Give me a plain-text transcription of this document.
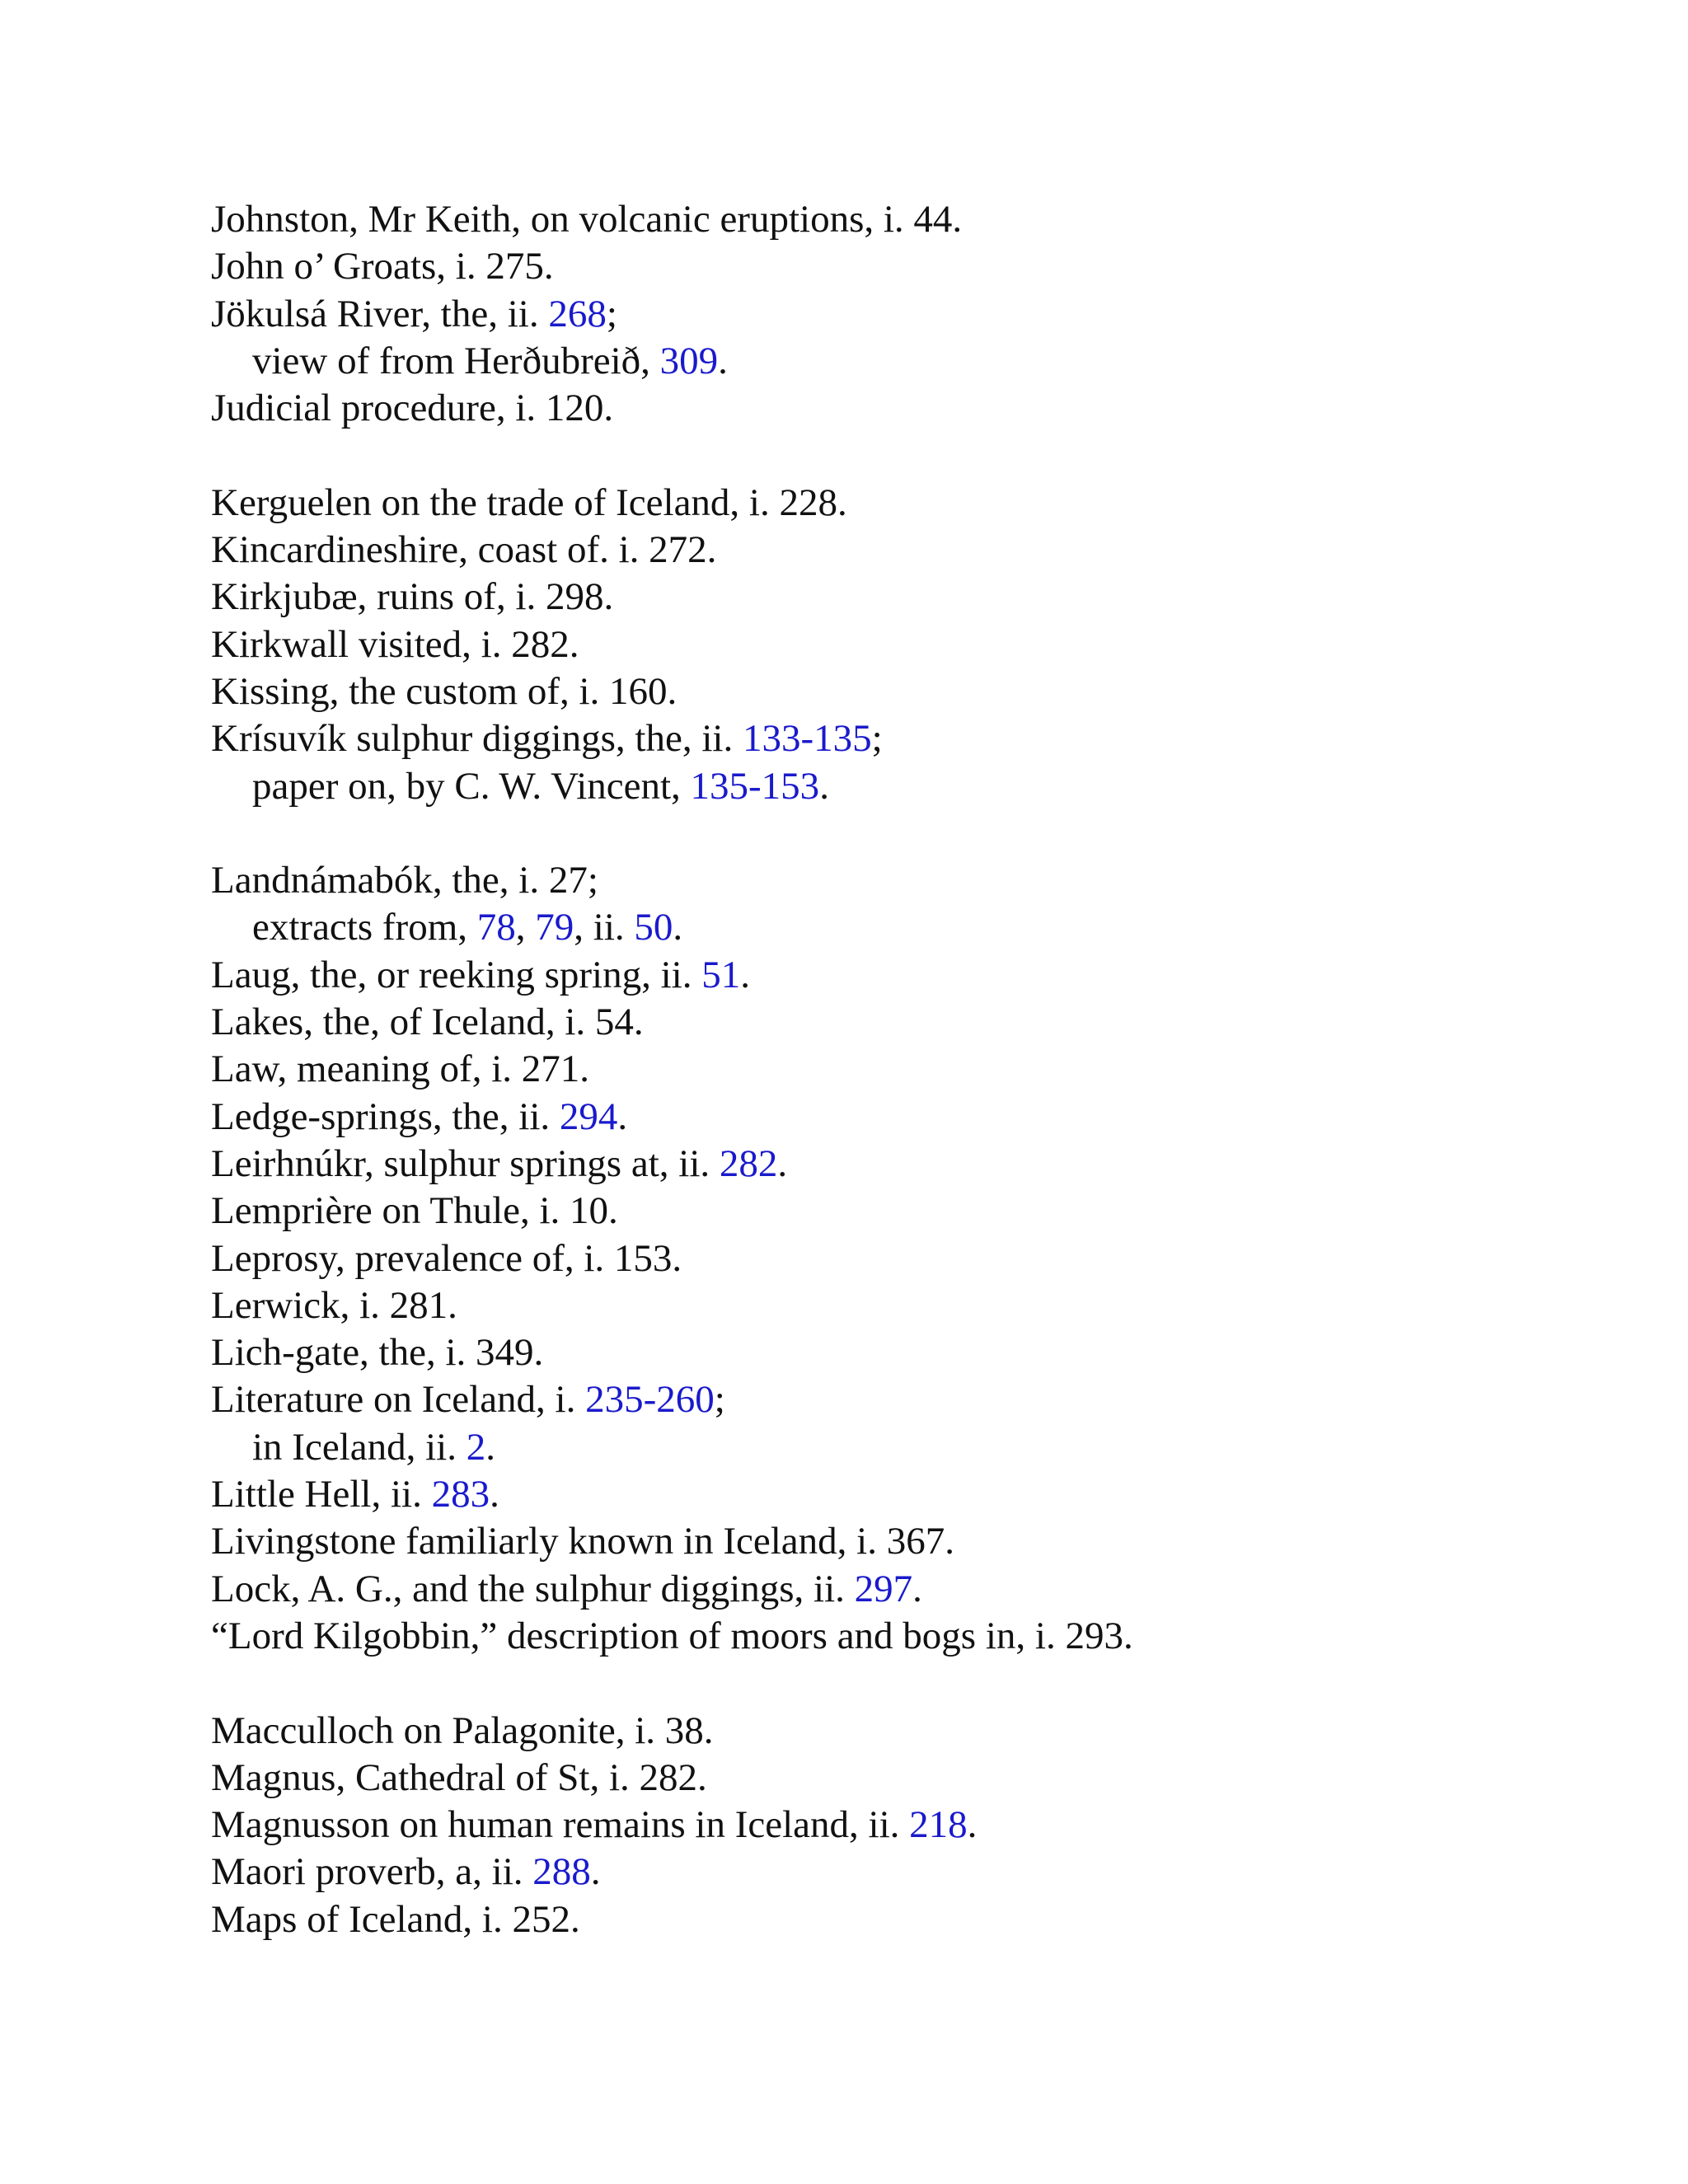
Johnston, Mr Keith, on volcanic eruptions, i. 44.
John o’ Groats, i. 275.
Jökulsá River, the, ii. 268;
view of from Herðubreið, 309.
Judicial procedure, i. 120.
Kerguelen on the trade of Iceland, i. 228.
Kincardineshire, coast of. i. 272.
Kirkjubæ, ruins of, i. 298.
Kirkwall visited, i. 282.
Kissing, the custom of, i. 160.
Krísuvík sulphur diggings, the, ii. 133-135;
paper on, by C. W. Vincent, 135-153.
Landnámabók, the, i. 27;
extracts from, 78, 79, ii. 50.
Laug, the, or reeking spring, ii. 51.
Lakes, the, of Iceland, i. 54.
Law, meaning of, i. 271.
Ledge-springs, the, ii. 294.
Leirhnúkr, sulphur springs at, ii. 282.
Lemprière on Thule, i. 10.
Leprosy, prevalence of, i. 153.
Lerwick, i. 281.
Lich-gate, the, i. 349.
Literature on Iceland, i. 235-260;
in Iceland, ii. 2.
Little Hell, ii. 283.
Livingstone familiarly known in Iceland, i. 367.
Lock, A. G., and the sulphur diggings, ii. 297.
“Lord Kilgobbin,” description of moors and bogs in, i. 293.
Macculloch on Palagonite, i. 38.
Magnus, Cathedral of St, i. 282.
Magnusson on human remains in Iceland, ii. 218.
Maori proverb, a, ii. 288.
Maps of Iceland, i. 252.
